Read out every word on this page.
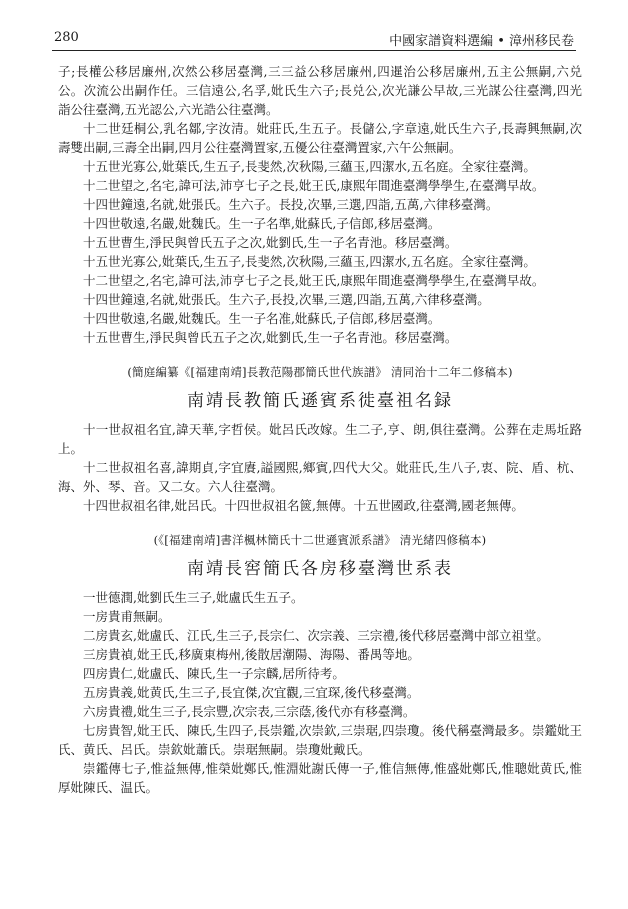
280	中國家譜資料選編 • 漳州移民卷

子;長權公移居廉州,次然公移居臺灣,三三益公移居廉州,四暹治公移居廉州,五主公無嗣,六兑公。次流公出嗣作任。三信遠公,名孚,妣氏生六子;長兑公,次光謙公早故,三光謀公往臺灣,四光詣公往臺灣,五光認公,六光誥公往臺灣。

十二世廷桐公,乳名鄒,字汝清。妣莊氏,生五子。長儲公,字章遠,妣氏生六子,長壽興無嗣,次壽雙出嗣,三壽全出嗣,四月公往臺灣置家,五優公往臺灣置家,六午公無嗣。

十五世光寡公,妣葉氏,生五子,長斐然,次秋陽,三蘊玉,四潔水,五名庭。全家往臺灣。

十二世望之,名宅,諱可法,沛亨七子之長,妣王氏,康熙年間進臺灣學學生,在臺灣早故。

十四世鐘遠,名就,妣張氏。生六子。長投,次畢,三選,四詣,五萬,六律移臺灣。

十四世敬遠,名嚴,妣魏氏。生一子名準,妣蘇氏,子信郎,移居臺灣。

十五世曹生,淨民與曾氏五子之次,妣劉氏,生一子名青池。移居臺灣。

十五世光寡公,妣葉氏,生五子,長斐然,次秋陽,三蘊玉,四潔水,五名庭。全家往臺灣。

十二世望之,名宅,諱可法,沛亨七子之長,妣王氏,康熙年間進臺灣學學生,在臺灣早故。

十四世鐘遠,名就,妣張氏。生六子,長投,次畢,三選,四詣,五萬,六律移臺灣。

十四世敬遠,名嚴,妣魏氏。生一子名准,妣蘇氏,子信郎,移居臺灣。

十五世曹生,淨民與曾氏五子之次,妣劉氏,生一子名青池。移居臺灣。

(簡庭編纂《[福建南靖]長教范陽郡簡氏世代族譜》 清同治十二年二修稿本)
南靖長教簡氏遜賓系徙臺祖名録

十一世叔祖名宜,諱天華,字哲侯。妣呂氏改嫁。生二子,亨、朗,俱往臺灣。公葬在走馬坵路上。

十二世叔祖名喜,諱期貞,字宜賡,謚國熙,鄉賓,四代大父。妣莊氏,生八子,衷、院、盾、杭、海、外、琴、音。又二女。六人往臺灣。

十四世叔祖名律,妣呂氏。十四世叔祖名篋,無傳。十五世國政,往臺灣,國老無傳。

(《[福建南靖]書洋楓林簡氏十二世遜賓派系譜》 清光緒四修稿本)
南靖長窖簡氏各房移臺灣世系表

一世德潤,妣劉氏生三子,妣盧氏生五子。

一房貴甫無嗣。

二房貴玄,妣盧氏、江氏,生三子,長宗仁、次宗義、三宗禮,後代移居臺灣中部立祖堂。

三房貴禎,妣王氏,移廣東梅州,後散居潮陽、海陽、番禺等地。

四房貴仁,妣盧氏、陳氏,生一子宗麟,居所待考。

五房貴義,妣黄氏,生三子,長宜傑,次宜觀,三宜琛,後代移臺灣。

六房貴禮,妣生三子,長宗豐,次宗表,三宗蔭,後代亦有移臺灣。

七房貴智,妣王氏、陳氏,生四子,長崇鑑,次崇欽,三崇琚,四崇瓊。後代稱臺灣最多。崇鑑妣王氏、黄氏、呂氏。崇欽妣蕭氏。崇琚無嗣。崇瓊妣戴氏。

崇鑑傳七子,惟益無傳,惟榮妣鄭氏,惟淵妣謝氏傳一子,惟信無傳,惟盛妣鄭氏,惟聰妣黄氏,惟厚妣陳氏、温氏。
